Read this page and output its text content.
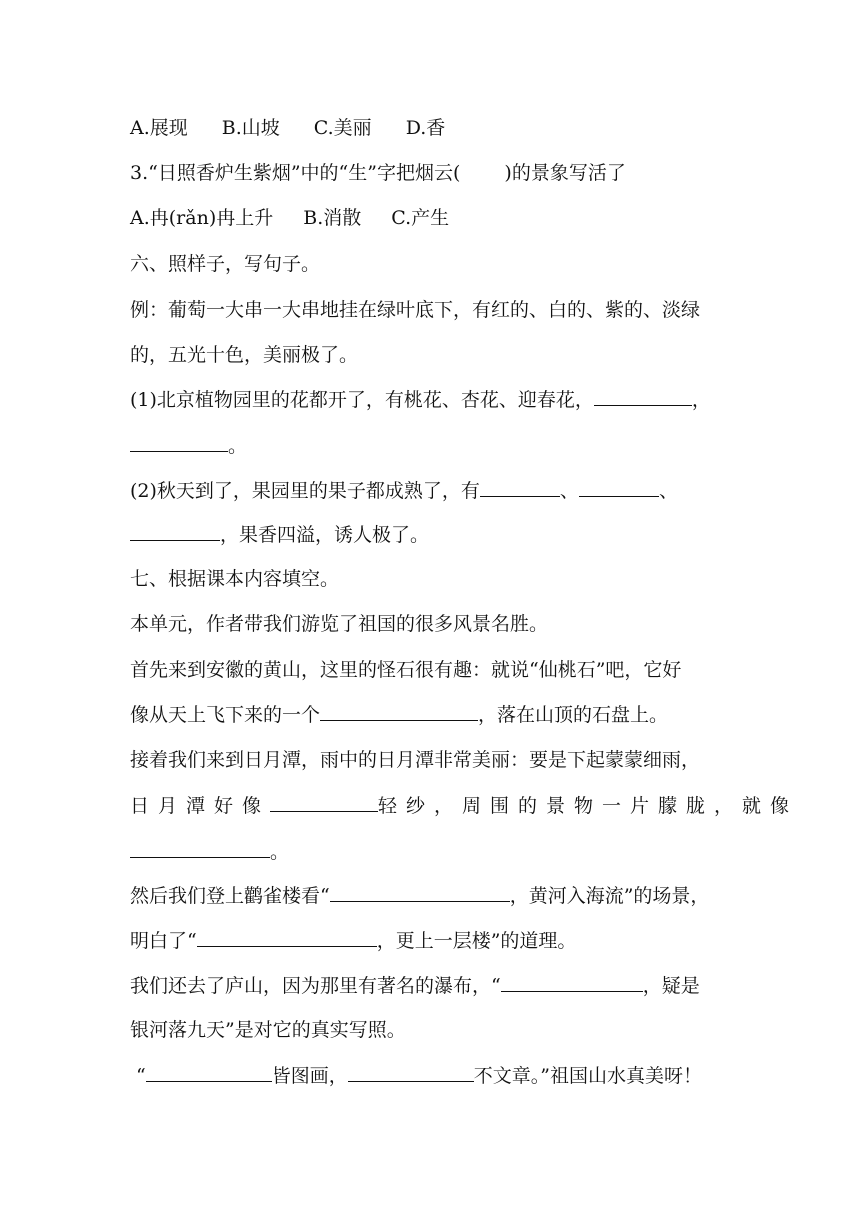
A.展现 B.山坡 C.美丽 D.香
3.“日照香炉生紫烟”中的“生”字把烟云( )的景象写活了
A.冉(rǎn)冉上升 B.消散 C.产生
六、照样子，写句子。
例：葡萄一大串一大串地挂在绿叶底下，有红的、白的、紫的、淡绿
的，五光十色，美丽极了。
(1)北京植物园里的花都开了，有桃花、杏花、迎春花，	，
。
(2)秋天到了，果园里的果子都成熟了，有	、	、
，果香四溢，诱人极了。
七、根据课本内容填空。
本单元，作者带我们游览了祖国的很多风景名胜。
首先来到安徽的黄山，这里的怪石很有趣：就说“仙桃石”吧，它好
像从天上飞下来的一个	，落在山顶的石盘上。
接着我们来到日月潭，雨中的日月潭非常美丽：要是下起蒙蒙细雨，
日月潭好像	轻纱，周围的景物一片朦胧，就像
。
然后我们登上鹳雀楼看“	，黄河入海流”的场景，
明白了“	，更上一层楼”的道理。
我们还去了庐山，因为那里有著名的瀑布，“	，疑是
银河落九天”是对它的真实写照。
“	皆图画，	不文章。”祖国山水真美呀！
